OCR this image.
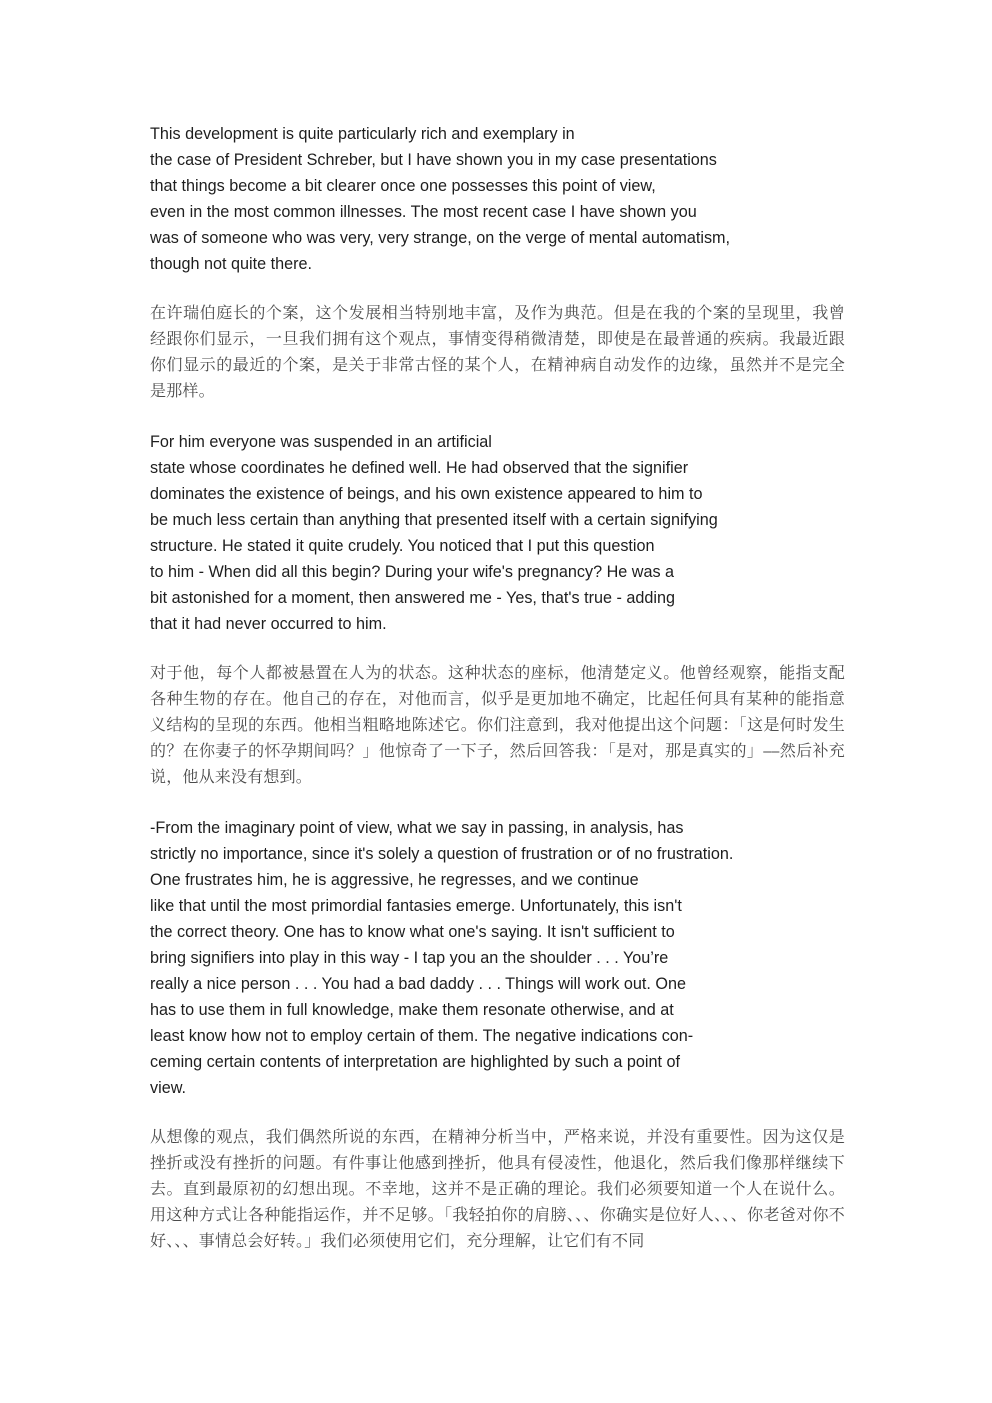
This development is quite particularly rich and exemplary in
the case of President Schreber, but I have shown you in my case presentations
that things become a bit clearer once one possesses this point of view,
even in the most common illnesses. The most recent case I have shown you
was of someone who was very, very strange, on the verge of mental automatism,
though not quite there.

在许瑞伯庭长的个案，这个发展相当特别地丰富，及作为典范。但是在我的个案的呈现里，我曾经跟你们显示，一旦我们拥有这个观点，事情变得稍微清楚，即使是在最普通的疾病。我最近跟你们显示的最近的个案，是关于非常古怪的某个人，在精神病自动发作的边缘，虽然并不是完全是那样。

For him everyone was suspended in an artificial
state whose coordinates he defined well. He had observed that the signifier
dominates the existence of beings, and his own existence appeared to him to
be much less certain than anything that presented itself with a certain signifying
structure. He stated it quite crudely. You noticed that I put this question
to him - When did all this begin? During your wife's pregnancy? He was a
bit astonished for a moment, then answered me - Yes, that's true - adding
that it had never occurred to him.

对于他，每个人都被悬置在人为的状态。这种状态的座标，他清楚定义。他曾经观察，能指支配各种生物的存在。他自己的存在，对他而言，似乎是更加地不确定，比起任何具有某种的能指意义结构的呈现的东西。他相当粗略地陈述它。你们注意到，我对他提出这个问题：「这是何时发生的？在你妻子的怀孕期间吗？」他惊奇了一下子，然后回答我：「是对，那是真实的」⎯⎯然后补充说，他从来没有想到。

-From the imaginary point of view, what we say in passing, in analysis, has
strictly no importance, since it's solely a question of frustration or of no frustration.
One frustrates him, he is aggressive, he regresses, and we continue
like that until the most primordial fantasies emerge. Unfortunately, this isn't
the correct theory. One has to know what one's saying. It isn't sufficient to
bring signifiers into play in this way - I tap you an the shoulder . . . You’re
really a nice person . . . You had a bad daddy . . . Things will work out. One
has to use them in full knowledge, make them resonate otherwise, and at
least know how not to employ certain of them. The negative indications con-
ceming certain contents of interpretation are highlighted by such a point of
view.

从想像的观点，我们偶然所说的东西，在精神分析当中，严格来说，并没有重要性。因为这仅是挫折或没有挫折的问题。有件事让他感到挫折，他具有侵凌性，他退化，然后我们像那样继续下去。直到最原初的幻想出现。不幸地，这并不是正确的理论。我们必须要知道一个人在说什么。用这种方式让各种能指运作，并不足够。「我轻拍你的肩膀、、、你确实是位好人、、、你老爸对你不好、、、事情总会好转。」我们必须使用它们，充分理解，让它们有不同
